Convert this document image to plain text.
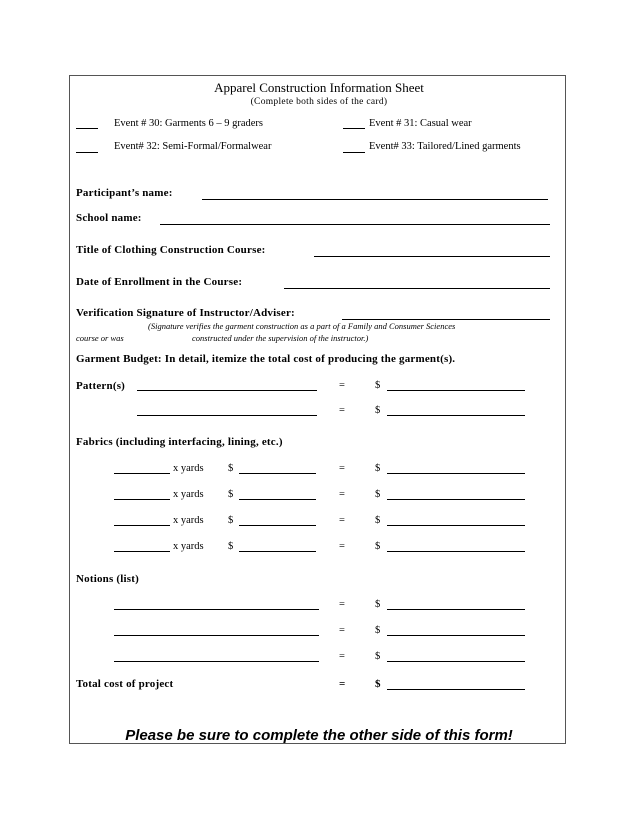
Apparel Construction Information Sheet
(Complete both sides of the card)
Event # 30: Garments 6 – 9 graders	Event # 31: Casual wear
Event# 32: Semi-Formal/Formalwear	Event# 33: Tailored/Lined garments
Participant’s name:
School name:
Title of Clothing Construction Course:
Date of Enrollment in the Course:
Verification Signature of Instructor/Adviser:
(Signature verifies the garment construction as a part of a Family and Consumer Sciences
course or was	constructed under the supervision of the instructor.)
Garment Budget: In detail, itemize the total cost of producing the garment(s).
Pattern(s)	=	$
=	$
Fabrics (including interfacing, lining, etc.)
x yards $	=	$
x yards $	=	$
x yards $	=	$
x yards $	=	$
Notions (list)
=	$
=	$
=	$
Total cost of project	=	$
Please be sure to complete the other side of this form!
